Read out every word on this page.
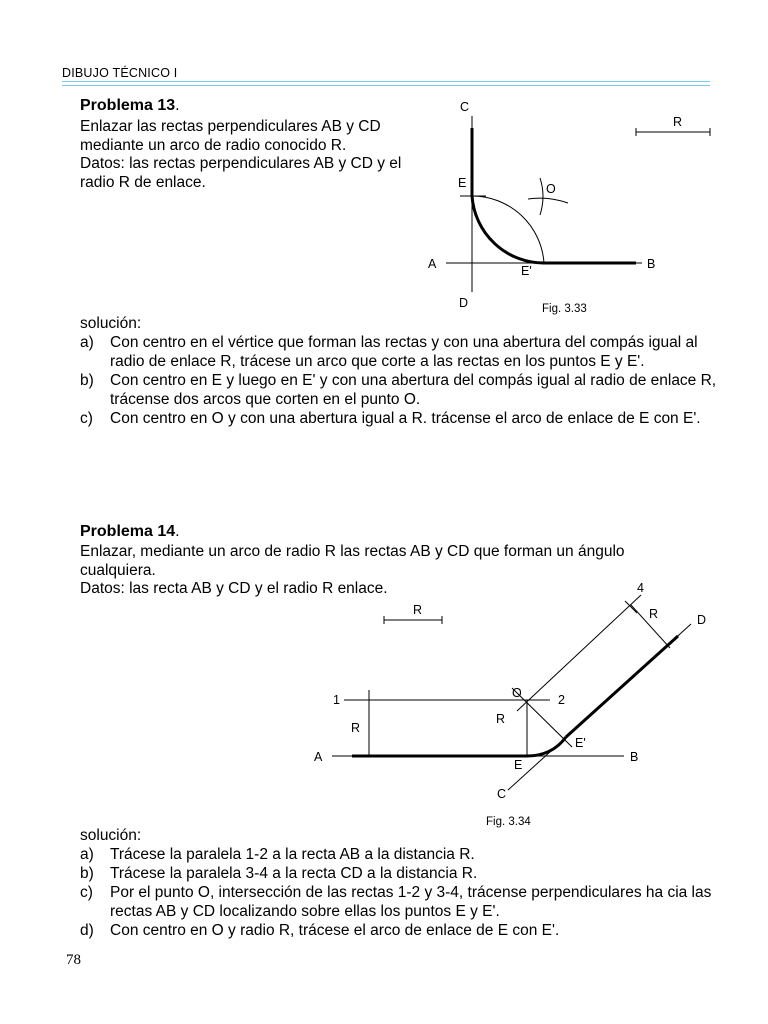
DIBUJO TÉCNICO I
Problema 13.

Enlazar las rectas perpendiculares AB y CD

mediante un arco de radio conocido R.

Datos: las rectas perpendiculares AB y CD y el

radio R de enlace.

C
E	O
A	B
E'
D
R
R
4
R	D
1	O	2
R
R
E'
A
E
B
C
Fig. 3.33

solución:

a)	Con centro en el vértice que forman las rectas y con una abertura del compás igual al radio de enlace R, trácese un arco que corte a las rectas en los puntos E y E'.
b)	Con centro en E y luego en E' y con una abertura del compás igual al radio de enlace R, trácense dos arcos que corten en el punto O.
c)	Con centro en O y con una abertura igual a R. trácense el arco de enlace de E con E'.
Problema 14.

Enlazar, mediante un arco de radio R las rectas AB y CD que forman un ángulo

cualquiera.

Datos: las recta AB y CD y el radio R enlace.

Fig. 3.34

solución:

a)	Trácese la paralela 1-2 a la recta AB a la distancia R.
b)	Trácese la paralela 3-4 a la recta CD a la distancia R.
c)	Por el punto O, intersección de las rectas 1-2 y 3-4, trácense perpendiculares ha cia las rectas AB y CD localizando sobre ellas los puntos E y E'.
d)	Con centro en O y radio R, trácese el arco de enlace de E con E'.
78
